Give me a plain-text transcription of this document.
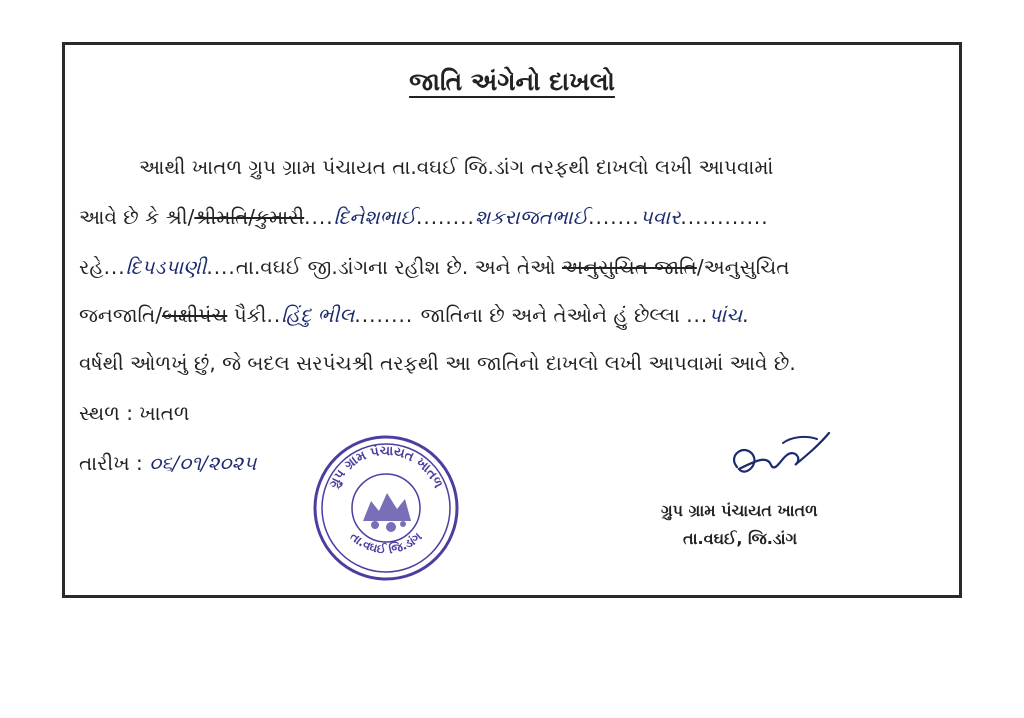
જાતિ અંગેનો દાખલો
આથી ખાતળ ગ્રુપ ગ્રામ પંચાયત તા.વઘઈ જિ.ડાંગ તરફથી દાખલો લખી આપવામાં
આવે છે કે શ્રી/શ્રીમતિ/કુમારી....દિનેશભાઈ........શકરાજતભાઈ.......પવાર............
રહે...દિપડપાણી....તા.વઘઈ જી.ડાંગના રહીશ છે. અને તેઓ અનુસુચિત જાતિ/અનુસુચિત
જનજાતિ/બક્ષીપંચ પૈકી..હિંદુ ભીલ........ જાતિના છે અને તેઓને હું છેલ્લા ...પાંચ.
વર્ષથી ઓળખું છું, જે બદલ સરપંચશ્રી તરફથી આ જાતિનો દાખલો લખી આપવામાં આવે છે.
સ્થળ : ખાતળ
તારીખ : ૦૬/૦૧/૨૦૨૫
ગ્રુપ ગ્રામ પંચાયત ખાતળ
તા.વઘઈ જિ.ડાંગ
ગ્રુપ ગ્રામ પંચાયત ખાતળ
તા.વઘઈ, જિ.ડાંગ
